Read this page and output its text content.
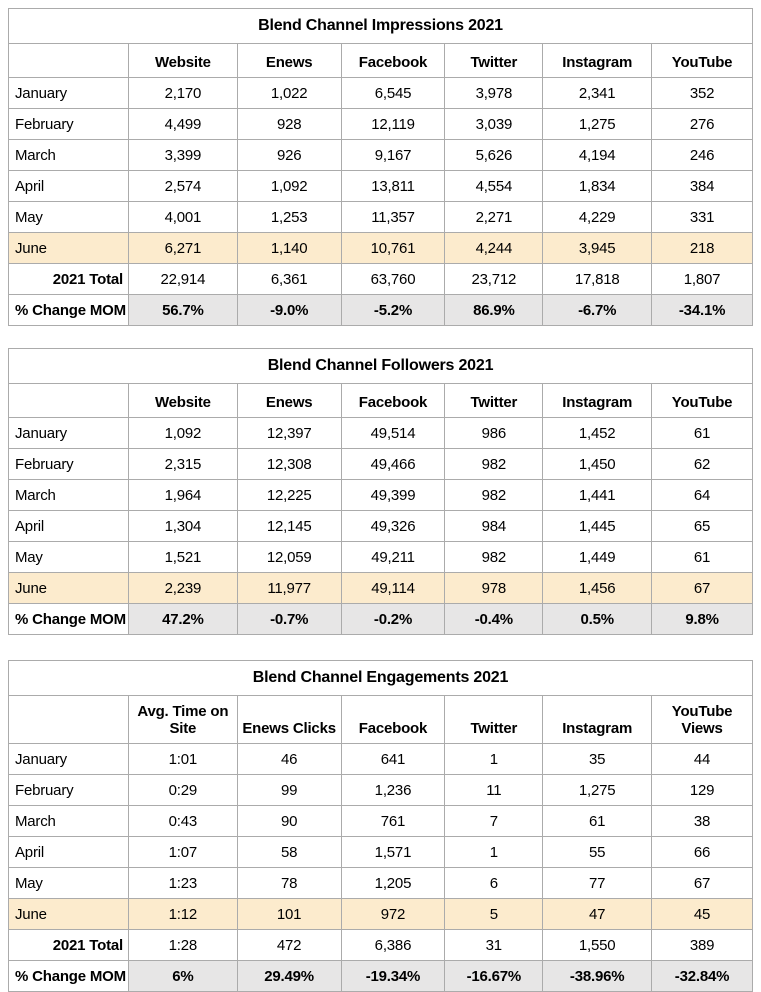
Blend Channel Impressions 2021						
	Website	Enews	Facebook	Twitter	Instagram	YouTube
January	2,170	1,022	6,545	3,978	2,341	352
February	4,499	928	12,119	3,039	1,275	276
March	3,399	926	9,167	5,626	4,194	246
April	2,574	1,092	13,811	4,554	1,834	384
May	4,001	1,253	11,357	2,271	4,229	331
June	6,271	1,140	10,761	4,244	3,945	218
2021 Total	22,914	6,361	63,760	23,712	17,818	1,807
% Change MOM	56.7%	-9.0%	-5.2%	86.9%	-6.7%	-34.1%
Blend Channel Followers 2021						
	Website	Enews	Facebook	Twitter	Instagram	YouTube
January	1,092	12,397	49,514	986	1,452	61
February	2,315	12,308	49,466	982	1,450	62
March	1,964	12,225	49,399	982	1,441	64
April	1,304	12,145	49,326	984	1,445	65
May	1,521	12,059	49,211	982	1,449	61
June	2,239	11,977	49,114	978	1,456	67
% Change MOM	47.2%	-0.7%	-0.2%	-0.4%	0.5%	9.8%
Blend Channel Engagements 2021						
	Avg. Time on Site	Enews Clicks	Facebook	Twitter	Instagram	YouTube Views
January	1:01	46	641	1	35	44
February	0:29	99	1,236	11	1,275	129
March	0:43	90	761	7	61	38
April	1:07	58	1,571	1	55	66
May	1:23	78	1,205	6	77	67
June	1:12	101	972	5	47	45
2021 Total	1:28	472	6,386	31	1,550	389
% Change MOM	6%	29.49%	-19.34%	-16.67%	-38.96%	-32.84%
